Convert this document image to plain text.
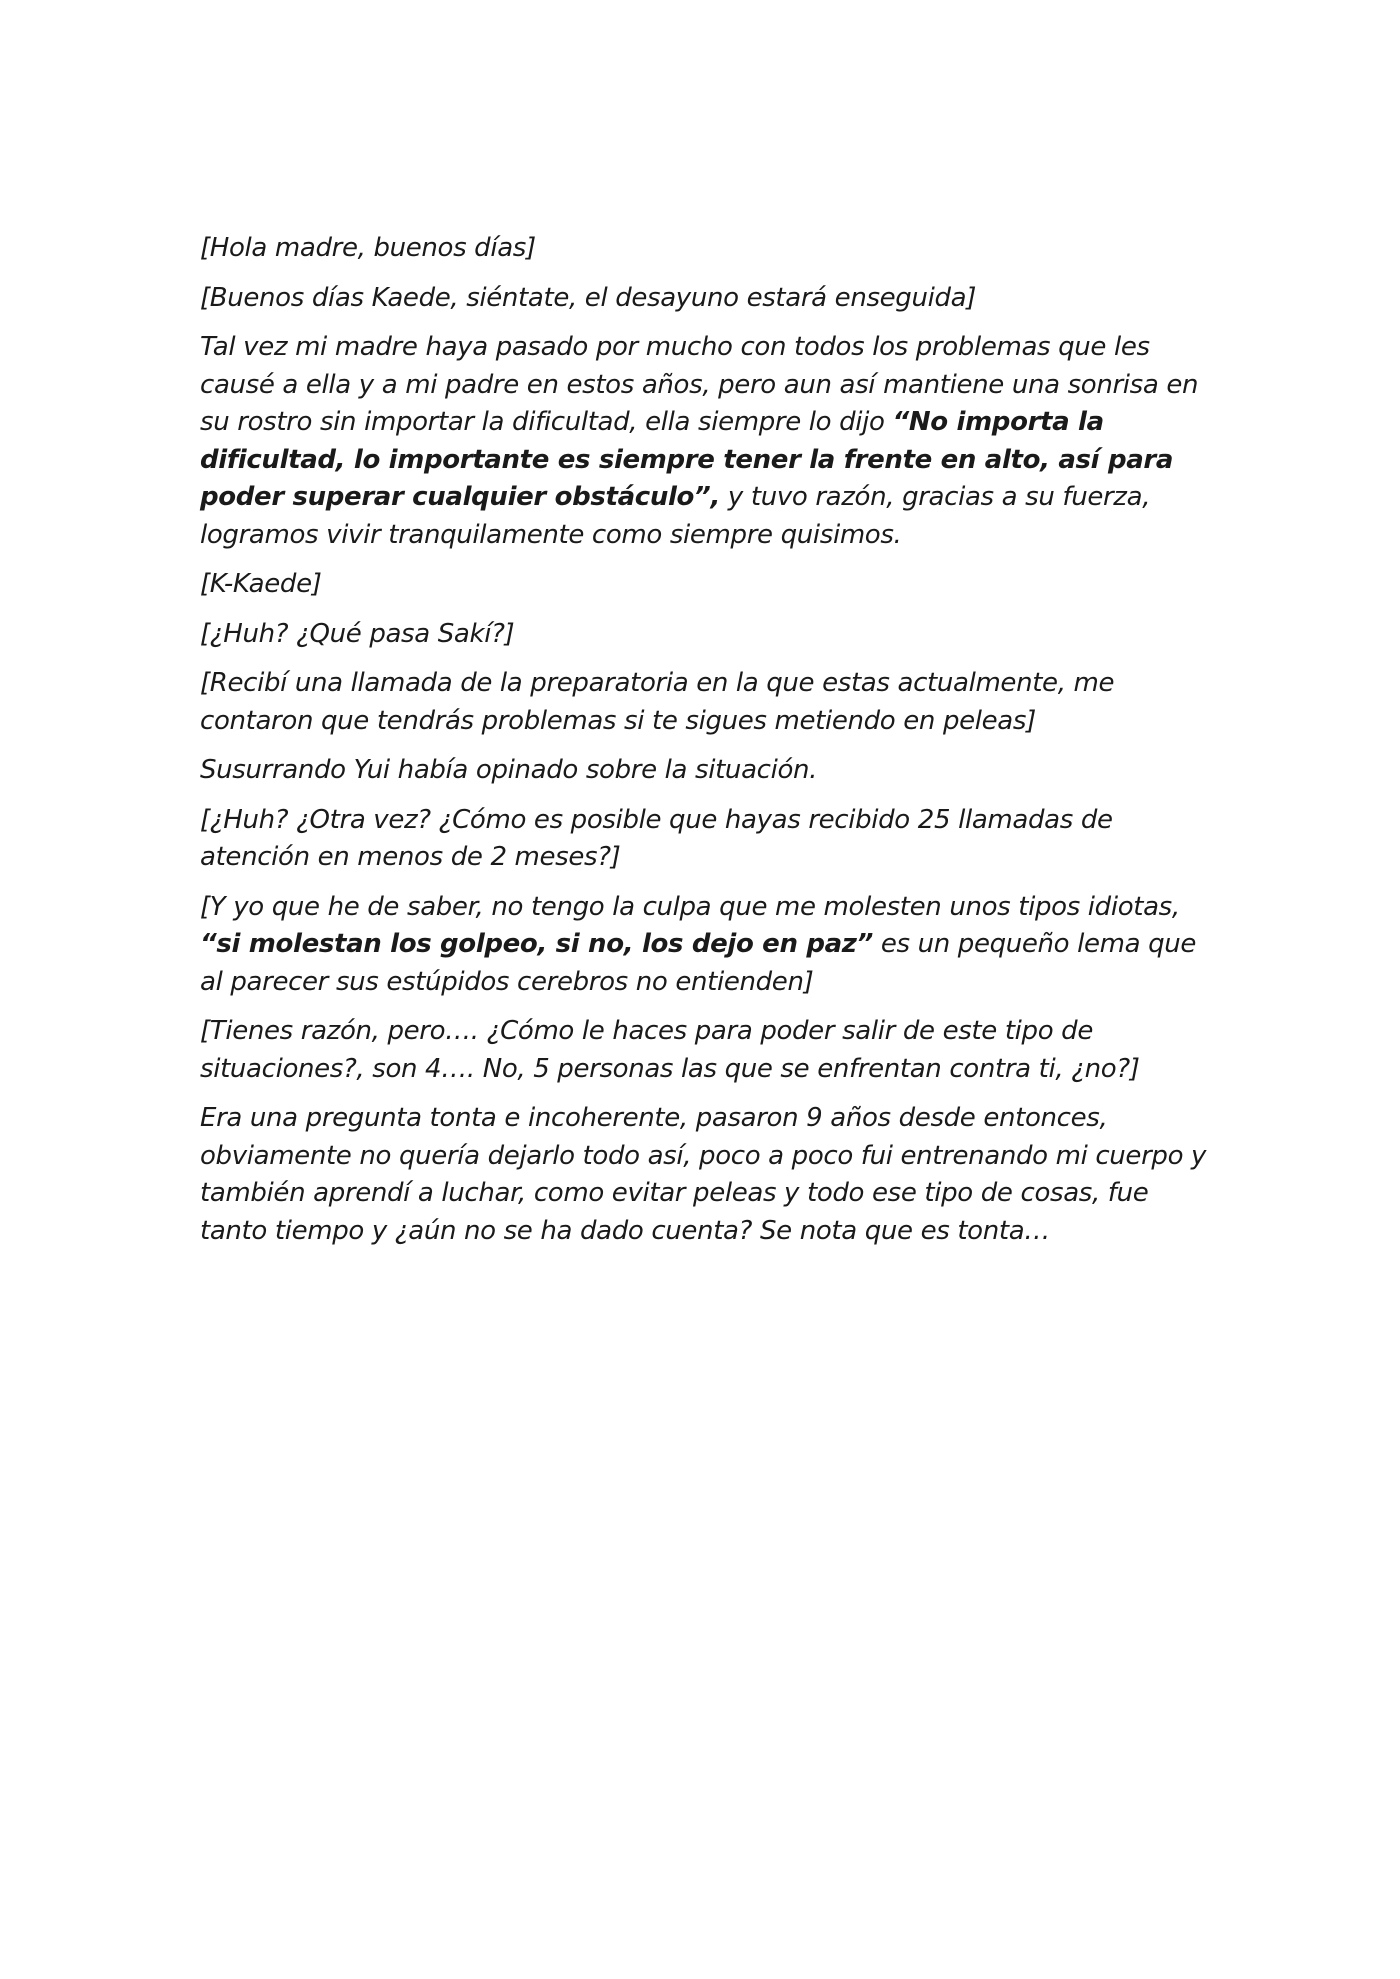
[Hola madre, buenos días]

[Buenos días Kaede, siéntate, el desayuno estará enseguida]

Tal vez mi madre haya pasado por mucho con todos los problemas que les causé a ella y a mi padre en estos años, pero aun así mantiene una sonrisa en su rostro sin importar la dificultad, ella siempre lo dijo “No importa la dificultad, lo importante es siempre tener la frente en alto, así para poder superar cualquier obstáculo”, y tuvo razón, gracias a su fuerza, logramos vivir tranquilamente como siempre quisimos.

[K-Kaede]

[¿Huh? ¿Qué pasa Sakí?]

[Recibí una llamada de la preparatoria en la que estas actualmente, me contaron que tendrás problemas si te sigues metiendo en peleas]

Susurrando Yui había opinado sobre la situación.

[¿Huh? ¿Otra vez? ¿Cómo es posible que hayas recibido 25 llamadas de atención en menos de 2 meses?]

[Y yo que he de saber, no tengo la culpa que me molesten unos tipos idiotas, “si molestan los golpeo, si no, los dejo en paz” es un pequeño lema que al parecer sus estúpidos cerebros no entienden]

[Tienes razón, pero…. ¿Cómo le haces para poder salir de este tipo de situaciones?, son 4…. No, 5 personas las que se enfrentan contra ti, ¿no?]

Era una pregunta tonta e incoherente, pasaron 9 años desde entonces, obviamente no quería dejarlo todo así, poco a poco fui entrenando mi cuerpo y también aprendí a luchar, como evitar peleas y todo ese tipo de cosas, fue tanto tiempo y ¿aún no se ha dado cuenta? Se nota que es tonta…
